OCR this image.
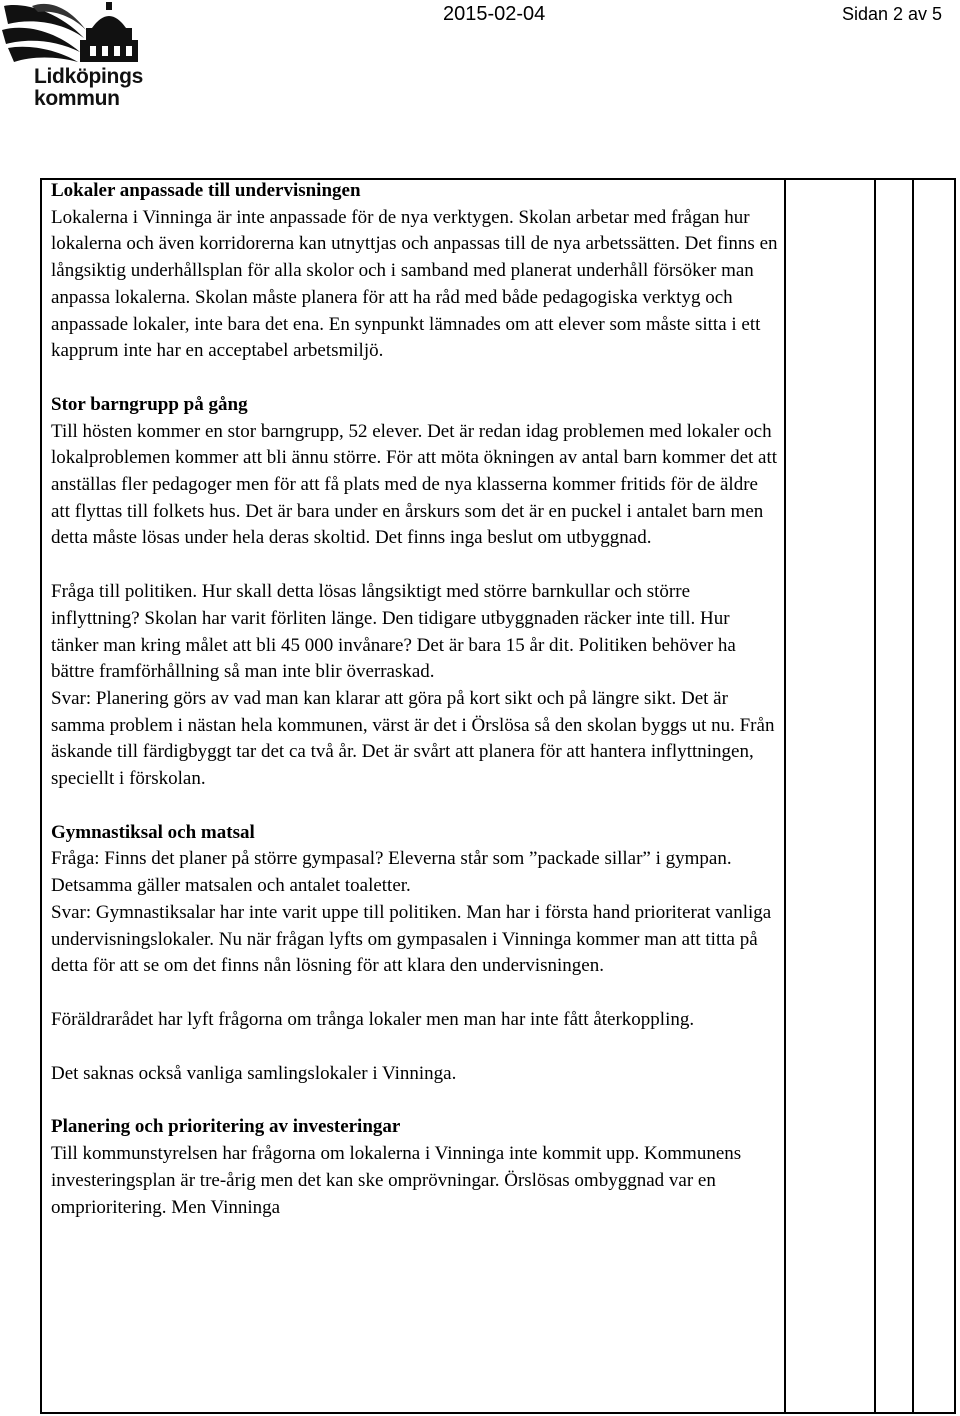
2015-02-04	Sidan 2 av 5
Lidköpings
kommun

Lokaler anpassade till undervisningen

Lokalerna i Vinninga är inte anpassade för de nya verktygen. Skolan arbetar med frågan hur lokalerna och även korridorerna kan utnyttjas och anpassas till de nya arbetssätten. Det finns en långsiktig underhållsplan för alla skolor och i samband med planerat underhåll försöker man anpassa lokalerna. Skolan måste planera för att ha råd med både pedagogiska verktyg och anpassade lokaler, inte bara det ena. En synpunkt lämnades om att elever som måste sitta i ett kapprum inte har en acceptabel arbetsmiljö.

Stor barngrupp på gång

Till hösten kommer en stor barngrupp, 52 elever. Det är redan idag problemen med lokaler och lokalproblemen kommer att bli ännu större. För att möta ökningen av antal barn kommer det att anställas fler pedagoger men för att få plats med de nya klasserna kommer fritids för de äldre att flyttas till folkets hus. Det är bara under en årskurs som det är en puckel i antalet barn men detta måste lösas under hela deras skoltid. Det finns inga beslut om utbyggnad.

Fråga till politiken. Hur skall detta lösas långsiktigt med större barnkullar och större inflyttning? Skolan har varit förliten länge. Den tidigare utbyggnaden räcker inte till. Hur tänker man kring målet att bli 45 000 invånare? Det är bara 15 år dit. Politiken behöver ha bättre framförhållning så man inte blir överraskad.

Svar: Planering görs av vad man kan klarar att göra på kort sikt och på längre sikt. Det är samma problem i nästan hela kommunen, värst är det i Örslösa så den skolan byggs ut nu. Från äskande till färdigbyggt tar det ca två år. Det är svårt att planera för att hantera inflyttningen, speciellt i förskolan.

Gymnastiksal och matsal

Fråga: Finns det planer på större gympasal? Eleverna står som ”packade sillar” i gympan. Detsamma gäller matsalen och antalet toaletter.

Svar: Gymnastiksalar har inte varit uppe till politiken. Man har i första hand prioriterat vanliga undervisningslokaler. Nu när frågan lyfts om gympasalen i Vinninga kommer man att titta på detta för att se om det finns nån lösning för att klara den undervisningen.

Föräldrarådet har lyft frågorna om trånga lokaler men man har inte fått återkoppling.

Det saknas också vanliga samlingslokaler i Vinninga.

Planering och prioritering av investeringar

Till kommunstyrelsen har frågorna om lokalerna i Vinninga inte kommit upp. Kommunens investeringsplan är tre-årig men det kan ske omprövningar. Örslösas ombyggnad var en omprioritering. Men Vinninga
